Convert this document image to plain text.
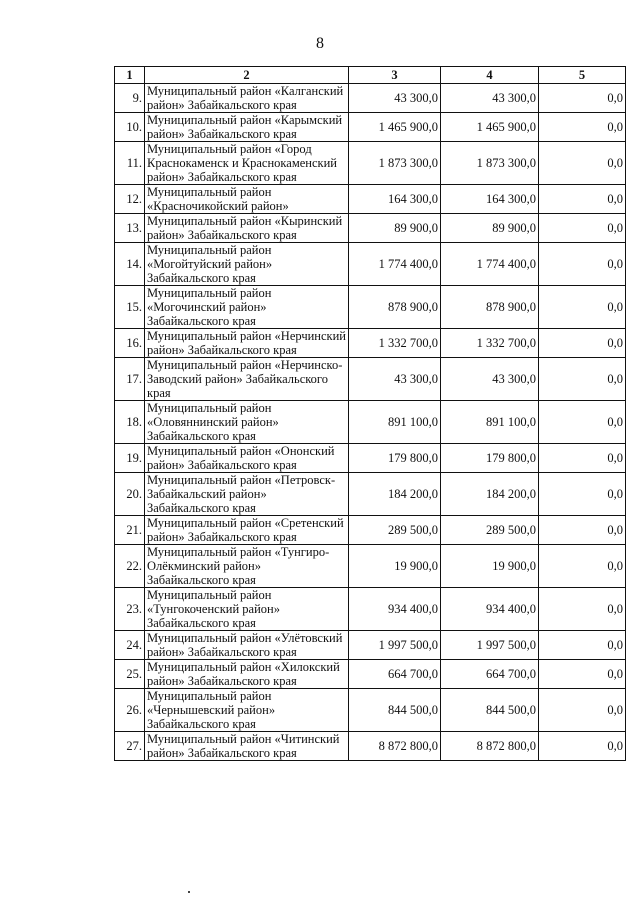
8
1	2	3	4	5
9.	Муниципальный район «Калганский район» Забайкальского края	43 300,0	43 300,0	0,0
10.	Муниципальный район «Карымский район» Забайкальского края	1 465 900,0	1 465 900,0	0,0
11.	Муниципальный район «Город Краснокаменск и Краснокаменский район» Забайкальского края	1 873 300,0	1 873 300,0	0,0
12.	Муниципальный район «Красночикойский район»	164 300,0	164 300,0	0,0
13.	Муниципальный район «Кыринский район» Забайкальского края	89 900,0	89 900,0	0,0
14.	Муниципальный район «Могойтуйский район» Забайкальского края	1 774 400,0	1 774 400,0	0,0
15.	Муниципальный район «Могочинский район» Забайкальского края	878 900,0	878 900,0	0,0
16.	Муниципальный район «Нерчинский район» Забайкальского края	1 332 700,0	1 332 700,0	0,0
17.	Муниципальный район «Нерчинско-Заводский район» Забайкальского края	43 300,0	43 300,0	0,0
18.	Муниципальный район «Оловяннинский район» Забайкальского края	891 100,0	891 100,0	0,0
19.	Муниципальный район «Ононский район» Забайкальского края	179 800,0	179 800,0	0,0
20.	Муниципальный район «Петровск-Забайкальский район» Забайкальского края	184 200,0	184 200,0	0,0
21.	Муниципальный район «Сретенский район» Забайкальского края	289 500,0	289 500,0	0,0
22.	Муниципальный район «Тунгиро-Олёкминский район» Забайкальского края	19 900,0	19 900,0	0,0
23.	Муниципальный район «Тунгокоченский район» Забайкальского края	934 400,0	934 400,0	0,0
24.	Муниципальный район «Улётовский район» Забайкальского края	1 997 500,0	1 997 500,0	0,0
25.	Муниципальный район «Хилокский район» Забайкальского края	664 700,0	664 700,0	0,0
26.	Муниципальный район «Чернышевский район» Забайкальского края	844 500,0	844 500,0	0,0
27.	Муниципальный район «Читинский район» Забайкальского края	8 872 800,0	8 872 800,0	0,0
